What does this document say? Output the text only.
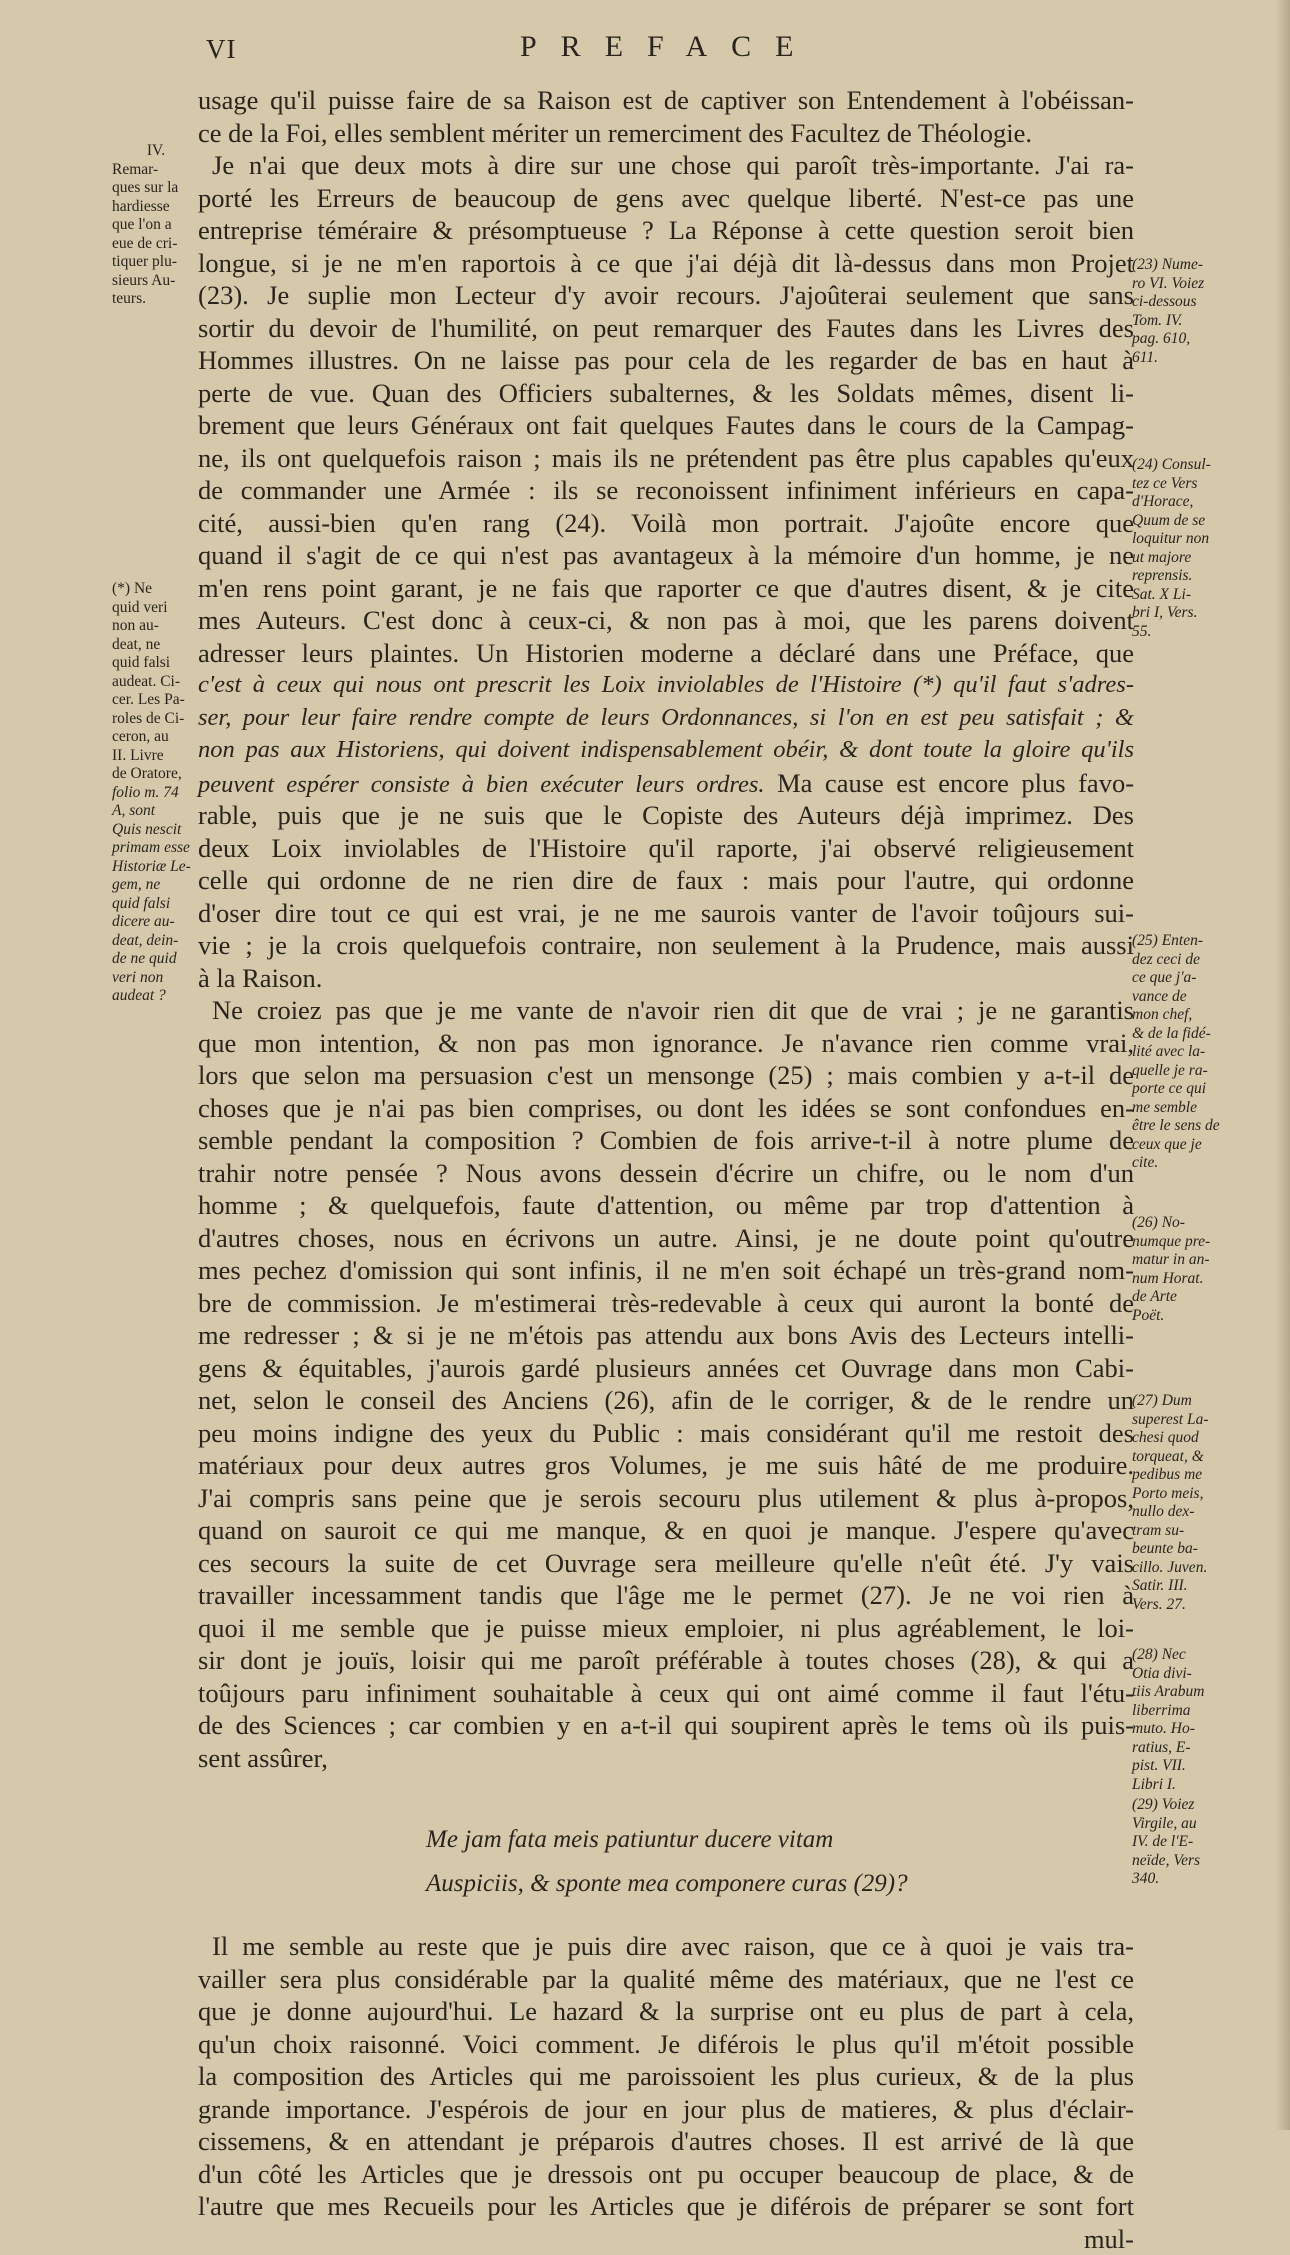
VI	PREFACE
usage qu'il puisse faire de sa Raison est de captiver son Entendement à l'obéissan-
ce de la Foi, elles semblent mériter un remerciment des Facultez de Théologie.
Je n'ai que deux mots à dire sur une chose qui paroît très-importante. J'ai ra-
porté les Erreurs de beaucoup de gens avec quelque liberté. N'est-ce pas une
entreprise téméraire & présomptueuse ? La Réponse à cette question seroit bien
longue, si je ne m'en raportois à ce que j'ai déjà dit là-dessus dans mon Projet
(23). Je suplie mon Lecteur d'y avoir recours. J'ajoûterai seulement que sans
sortir du devoir de l'humilité, on peut remarquer des Fautes dans les Livres des
Hommes illustres. On ne laisse pas pour cela de les regarder de bas en haut à
perte de vue. Quan des Officiers subalternes, & les Soldats mêmes, disent li-
brement que leurs Généraux ont fait quelques Fautes dans le cours de la Campag-
ne, ils ont quelquefois raison ; mais ils ne prétendent pas être plus capables qu'eux
de commander une Armée : ils se reconoissent infiniment inférieurs en capa-
cité, aussi-bien qu'en rang (24). Voilà mon portrait. J'ajoûte encore que
quand il s'agit de ce qui n'est pas avantageux à la mémoire d'un homme, je ne
m'en rens point garant, je ne fais que raporter ce que d'autres disent, & je cite
mes Auteurs. C'est donc à ceux-ci, & non pas à moi, que les parens doivent
adresser leurs plaintes. Un Historien moderne a déclaré dans une Préface, que
c'est à ceux qui nous ont prescrit les Loix inviolables de l'Histoire (*) qu'il faut s'adres-
ser, pour leur faire rendre compte de leurs Ordonnances, si l'on en est peu satisfait ; &
non pas aux Historiens, qui doivent indispensablement obéir, & dont toute la gloire qu'ils
peuvent espérer consiste à bien exécuter leurs ordres. Ma cause est encore plus favo-
rable, puis que je ne suis que le Copiste des Auteurs déjà imprimez. Des
deux Loix inviolables de l'Histoire qu'il raporte, j'ai observé religieusement
celle qui ordonne de ne rien dire de faux : mais pour l'autre, qui ordonne
d'oser dire tout ce qui est vrai, je ne me saurois vanter de l'avoir toûjours sui-
vie ; je la crois quelquefois contraire, non seulement à la Prudence, mais aussi
à la Raison.
Ne croiez pas que je me vante de n'avoir rien dit que de vrai ; je ne garantis
que mon intention, & non pas mon ignorance. Je n'avance rien comme vrai,
lors que selon ma persuasion c'est un mensonge (25) ; mais combien y a-t-il de
choses que je n'ai pas bien comprises, ou dont les idées se sont confondues en-
semble pendant la composition ? Combien de fois arrive-t-il à notre plume de
trahir notre pensée ? Nous avons dessein d'écrire un chifre, ou le nom d'un
homme ; & quelquefois, faute d'attention, ou même par trop d'attention à
d'autres choses, nous en écrivons un autre. Ainsi, je ne doute point qu'outre
mes pechez d'omission qui sont infinis, il ne m'en soit échapé un très-grand nom-
bre de commission. Je m'estimerai très-redevable à ceux qui auront la bonté de
me redresser ; & si je ne m'étois pas attendu aux bons Avis des Lecteurs intelli-
gens & équitables, j'aurois gardé plusieurs années cet Ouvrage dans mon Cabi-
net, selon le conseil des Anciens (26), afin de le corriger, & de le rendre un
peu moins indigne des yeux du Public : mais considérant qu'il me restoit des
matériaux pour deux autres gros Volumes, je me suis hâté de me produire.
J'ai compris sans peine que je serois secouru plus utilement & plus à-propos,
quand on sauroit ce qui me manque, & en quoi je manque. J'espere qu'avec
ces secours la suite de cet Ouvrage sera meilleure qu'elle n'eût été. J'y vais
travailler incessamment tandis que l'âge me le permet (27). Je ne voi rien à
quoi il me semble que je puisse mieux emploier, ni plus agréablement, le loi-
sir dont je jouïs, loisir qui me paroît préférable à toutes choses (28), & qui a
toûjours paru infiniment souhaitable à ceux qui ont aimé comme il faut l'étu-
de des Sciences ; car combien y en a-t-il qui soupirent après le tems où ils puis-
sent assûrer,
Me jam fata meis patiuntur ducere vitam
Auspiciis, & sponte mea componere curas (29)?
Il me semble au reste que je puis dire avec raison, que ce à quoi je vais tra-
vailler sera plus considérable par la qualité même des matériaux, que ne l'est ce
que je donne aujourd'hui. Le hazard & la surprise ont eu plus de part à cela,
qu'un choix raisonné. Voici comment. Je diférois le plus qu'il m'étoit possible
la composition des Articles qui me paroissoient les plus curieux, & de la plus
grande importance. J'espérois de jour en jour plus de matieres, & plus d'éclair-
cissemens, & en attendant je préparois d'autres choses. Il est arrivé de là que
d'un côté les Articles que je dressois ont pu occuper beaucoup de place, & de
l'autre que mes Recueils pour les Articles que je diférois de préparer se sont fort
mul-
IV.
Remar-
ques sur la
hardiesse
que l'on a
eue de cri-
tiquer plu-
sieurs Au-
teurs.
(*) Ne
quid veri
non au-
deat, ne
quid falsi
audeat. Ci-
cer. Les Pa-
roles de Ci-
ceron, au
II. Livre
de Oratore,
folio m. 74
A, sont
Quis nescit
primam esse
Historiæ Le-
gem, ne
quid falsi
dicere au-
deat, dein-
de ne quid
veri non
audeat ?
(23) Nume-
ro VI. Voiez
ci-dessous
Tom. IV.
pag. 610,
611.
(24) Consul-
tez ce Vers
d'Horace,
Quum de se
loquitur non
ut majore
reprensis.
Sat. X Li-
bri I, Vers.
55.
(25) Enten-
dez ceci de
ce que j'a-
vance de
mon chef,
& de la fidé-
lité avec la-
quelle je ra-
porte ce qui
me semble
être le sens de
ceux que je
cite.
(26) No-
numque pre-
matur in an-
num Horat.
de Arte
Poët.
(27) Dum
superest La-
chesi quod
torqueat, &
pedibus me
Porto meis,
nullo dex-
tram su-
beunte ba-
cillo. Juven.
Satir. III.
Vers. 27.
(28) Nec
Otia divi-
tiis Arabum
liberrima
muto. Ho-
ratius, E-
pist. VII.
Libri I.
(29) Voiez
Virgile, au
IV. de l'E-
neïde, Vers
340.
